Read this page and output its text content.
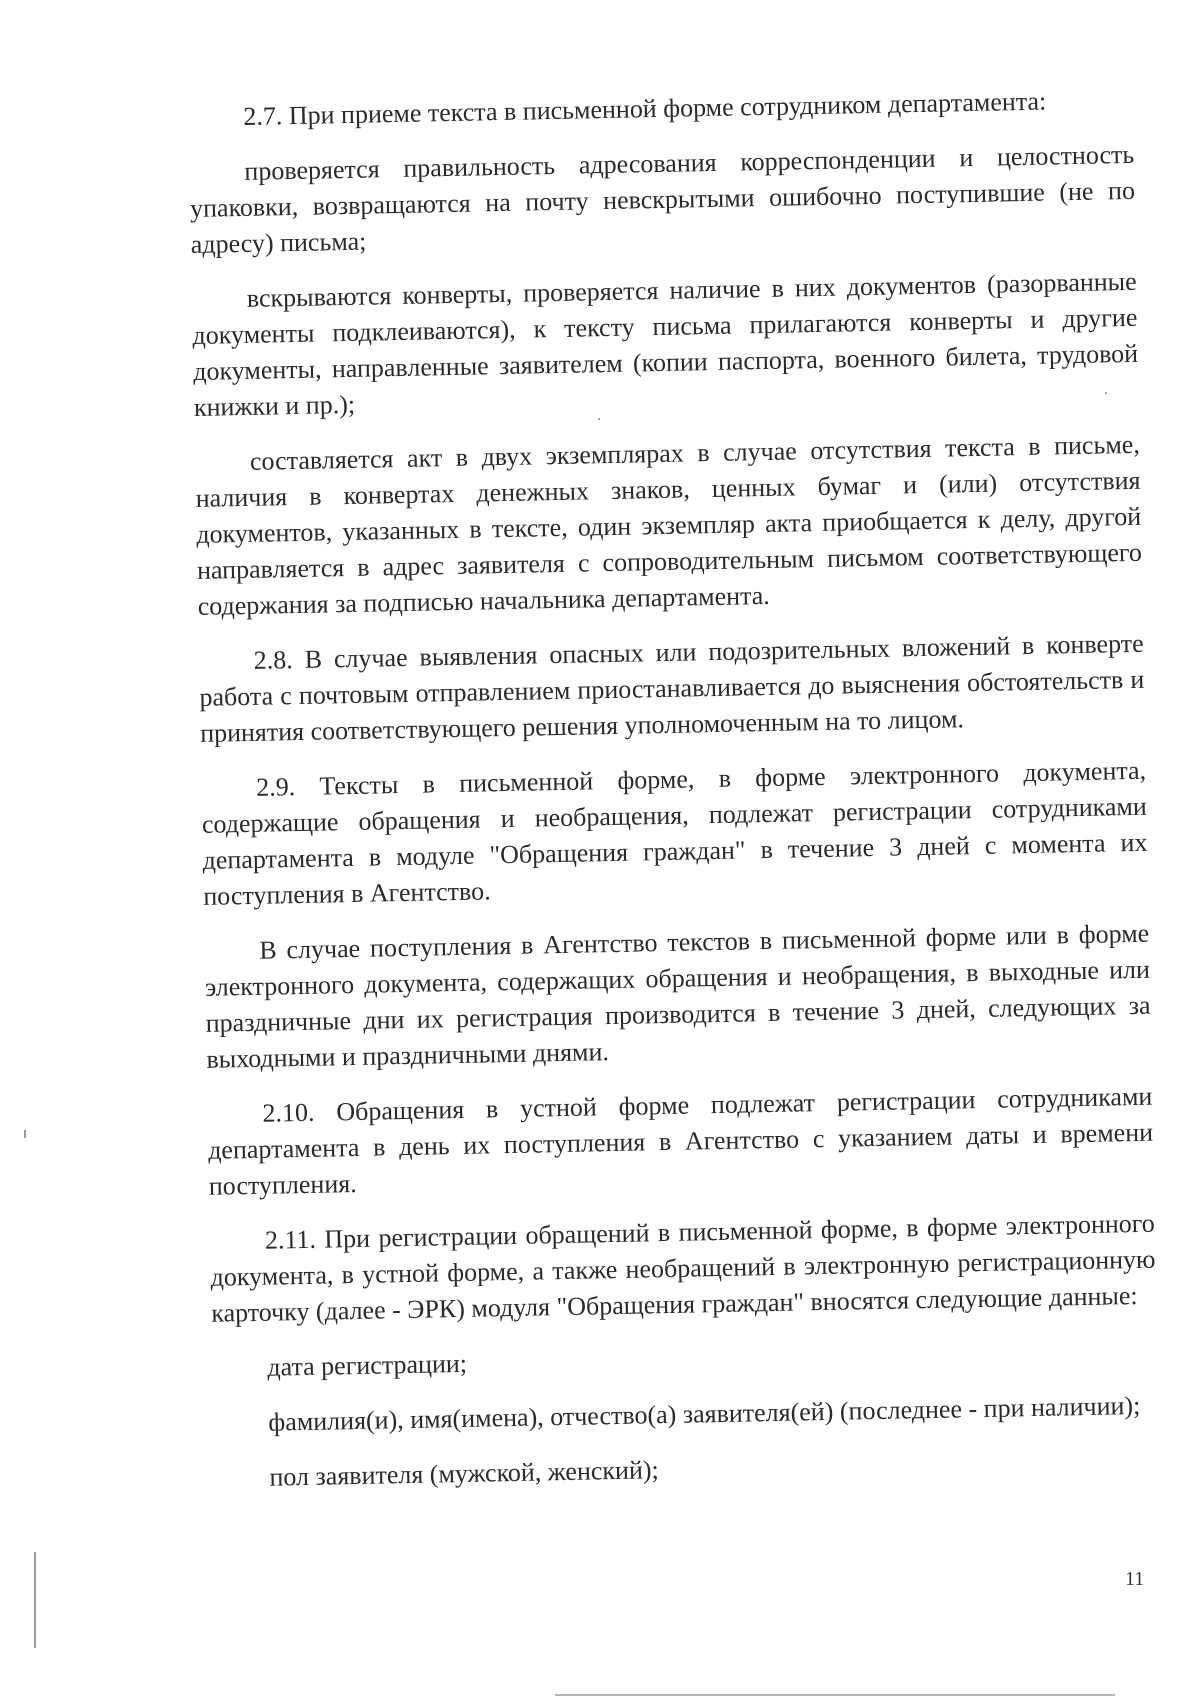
2.7. При приеме текста в письменной форме сотрудником департамента:

проверяется правильность адресования корреспонденции и целостность упаковки, возвращаются на почту невскрытыми ошибочно поступившие (не по адресу) письма;

вскрываются конверты, проверяется наличие в них документов (разорванные документы подклеиваются), к тексту письма прилагаются конверты и другие документы, направленные заявителем (копии паспорта, военного билета, трудовой книжки и пр.);

составляется акт в двух экземплярах в случае отсутствия текста в письме, наличия в конвертах денежных знаков, ценных бумаг и (или) отсутствия документов, указанных в тексте, один экземпляр акта приобщается к делу, другой направляется в адрес заявителя с сопроводительным письмом соответствующего содержания за подписью начальника департамента.

2.8. В случае выявления опасных или подозрительных вложений в конверте работа с почтовым отправлением приостанавливается до выяснения обстоятельств и принятия соответствующего решения уполномоченным на то лицом.

2.9. Тексты в письменной форме, в форме электронного документа, содержащие обращения и необращения, подлежат регистрации сотрудниками департамента в модуле "Обращения граждан" в течение 3 дней с момента их поступления в Агентство.

В случае поступления в Агентство текстов в письменной форме или в форме электронного документа, содержащих обращения и необращения, в выходные или праздничные дни их регистрация производится в течение 3 дней, следующих за выходными и праздничными днями.

2.10. Обращения в устной форме подлежат регистрации сотрудниками департамента в день их поступления в Агентство с указанием даты и времени поступления.

2.11. При регистрации обращений в письменной форме, в форме электронного документа, в устной форме, а также необращений в электронную регистрационную карточку (далее - ЭРК) модуля "Обращения граждан" вносятся следующие данные:

дата регистрации;

фамилия(и), имя(имена), отчество(а) заявителя(ей) (последнее - при наличии);

пол заявителя (мужской, женский);

11
